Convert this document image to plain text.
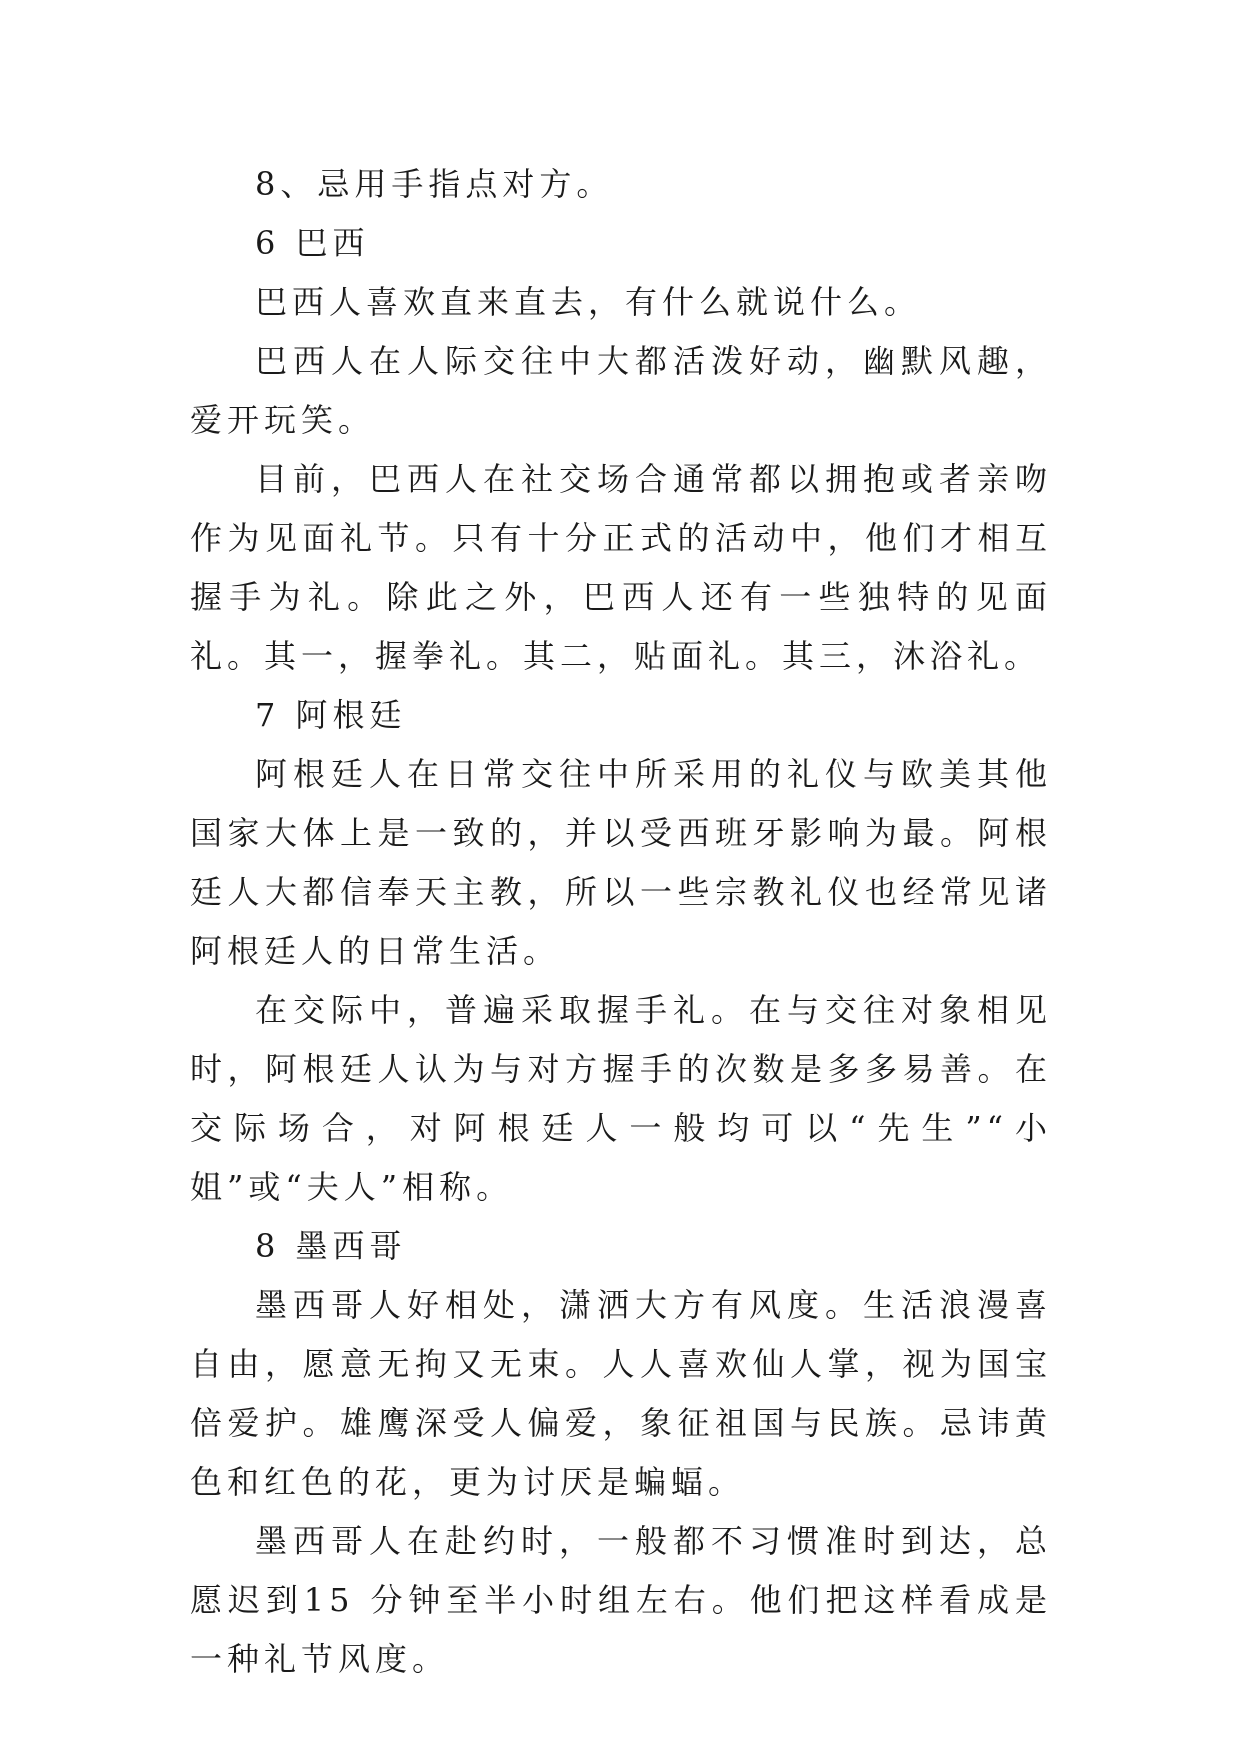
8、忌用手指点对方。

6 巴西

巴西人喜欢直来直去，有什么就说什么。

巴西人在人际交往中大都活泼好动，幽默风趣，爱开玩笑。

目前，巴西人在社交场合通常都以拥抱或者亲吻作为见面礼节。只有十分正式的活动中，他们才相互握手为礼。除此之外，巴西人还有一些独特的见面礼。其一，握拳礼。其二，贴面礼。其三，沐浴礼。

7 阿根廷

阿根廷人在日常交往中所采用的礼仪与欧美其他国家大体上是一致的，并以受西班牙影响为最。阿根廷人大都信奉天主教，所以一些宗教礼仪也经常见诸阿根廷人的日常生活。

在交际中，普遍采取握手礼。在与交往对象相见时，阿根廷人认为与对方握手的次数是多多易善。在交际场合，对阿根廷人一般均可以“先生”“小姐”或“夫人”相称。

8 墨西哥

墨西哥人好相处，潇洒大方有风度。生活浪漫喜自由，愿意无拘又无束。人人喜欢仙人掌，视为国宝倍爱护。雄鹰深受人偏爱，象征祖国与民族。忌讳黄色和红色的花，更为讨厌是蝙蝠。

墨西哥人在赴约时，一般都不习惯准时到达，总愿迟到15 分钟至半小时组左右。他们把这样看成是一种礼节风度。
